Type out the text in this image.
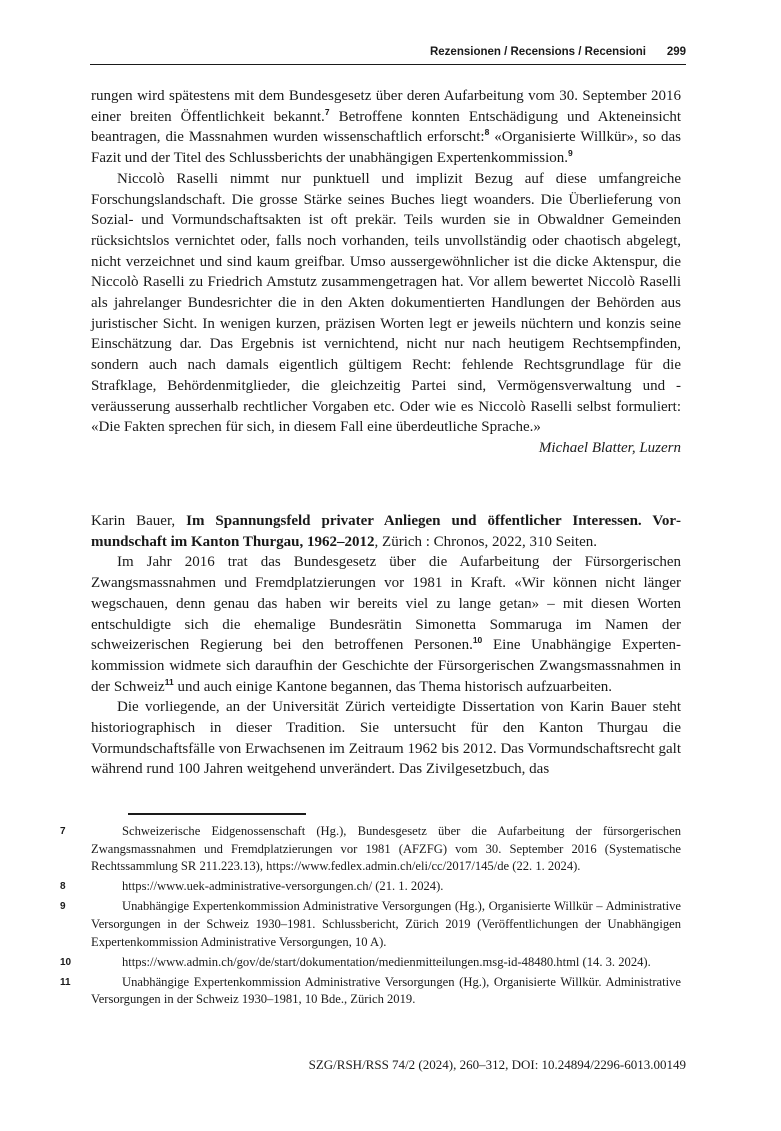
Rezensionen / Recensions / Recensioni 299

rungen wird spätestens mit dem Bundesgesetz über deren Aufarbeitung vom 30. September 2016 einer breiten Öffentlichkeit bekannt.$^7$ Betroffene konnten Entschädigung und Akteneinsicht beantragen, die Massnahmen wurden wissenschaftlich erforscht:$^8$ «Organisierte Willkür», so das Fazit und der Titel des Schlussberichts der unabhängigen Expertenkommission.$^9$

Niccolò Raselli nimmt nur punktuell und implizit Bezug auf diese umfangreiche Forschungslandschaft. Die grosse Stärke seines Buches liegt woanders. Die Überlieferung von Sozial- und Vormundschaftsakten ist oft prekär. Teils wurden sie in Obwaldner Gemeinden rücksichtslos vernichtet oder, falls noch vorhanden, teils unvollständig oder chaotisch abgelegt, nicht verzeichnet und sind kaum greifbar. Umso aussergewöhnlicher ist die dicke Aktenspur, die Niccolò Raselli zu Friedrich Amstutz zusammengetragen hat. Vor allem bewertet Niccolò Raselli als jahrelanger Bundesrichter die in den Akten dokumentierten Handlungen der Behörden aus juristischer Sicht. In wenigen kurzen, präzisen Worten legt er jeweils nüchtern und konzis seine Einschätzung dar. Das Ergebnis ist vernichtend, nicht nur nach heutigem Rechtsempfinden, sondern auch nach damals eigentlich gültigem Recht: fehlende Rechtsgrundlage für die Strafklage, Behördenmitglieder, die gleichzeitig Partei sind, Vermögensverwaltung und -veräusserung ausserhalb rechtlicher Vorgaben etc. Oder wie es Niccolò Raselli selbst formuliert: «Die Fakten sprechen für sich, in diesem Fall eine überdeutliche Sprache.»

Michael Blatter, Luzern

Karin Bauer, Im Spannungsfeld privater Anliegen und öffentlicher Interessen. Vormundschaft im Kanton Thurgau, 1962–2012, Zürich : Chronos, 2022, 310 Seiten.

Im Jahr 2016 trat das Bundesgesetz über die Aufarbeitung der Fürsorgerischen Zwangsmassnahmen und Fremdplatzierungen vor 1981 in Kraft. «Wir können nicht länger wegschauen, denn genau das haben wir bereits viel zu lange getan» – mit diesen Worten entschuldigte sich die ehemalige Bundesrätin Simonetta Sommaruga im Namen der schweizerischen Regierung bei den betroffenen Personen.$^{10}$ Eine Unabhängige Expertenkommission widmete sich daraufhin der Geschichte der Fürsorgerischen Zwangsmassnahmen in der Schweiz$^{11}$ und auch einige Kantone begannen, das Thema historisch aufzuarbeiten.

Die vorliegende, an der Universität Zürich verteidigte Dissertation von Karin Bauer steht historiographisch in dieser Tradition. Sie untersucht für den Kanton Thurgau die Vormundschaftsfälle von Erwachsenen im Zeitraum 1962 bis 2012. Das Vormundschaftsrecht galt während rund 100 Jahren weitgehend unverändert. Das Zivilgesetzbuch, das

7	Schweizerische Eidgenossenschaft (Hg.), Bundesgesetz über die Aufarbeitung der fürsorgerischen Zwangsmassnahmen und Fremdplatzierungen vor 1981 (AFZFG) vom 30. September 2016 (Systematische Rechtssammlung SR 211.223.13), https://www.fedlex.admin.ch/eli/cc/2017/145/de (22. 1. 2024).

8	https://www.uek-administrative-versorgungen.ch/ (21. 1. 2024).

9	Unabhängige Expertenkommission Administrative Versorgungen (Hg.), Organisierte Willkür – Administrative Versorgungen in der Schweiz 1930–1981. Schlussbericht, Zürich 2019 (Veröffentlichungen der Unabhängigen Expertenkommission Administrative Versorgungen, 10 A).

10	https://www.admin.ch/gov/de/start/dokumentation/medienmitteilungen.msg-id-48480.html (14. 3. 2024).

11	Unabhängige Expertenkommission Administrative Versorgungen (Hg.), Organisierte Willkür. Administrative Versorgungen in der Schweiz 1930–1981, 10 Bde., Zürich 2019.

SZG/RSH/RSS 74/2 (2024), 260–312, DOI: 10.24894/2296-6013.00149
